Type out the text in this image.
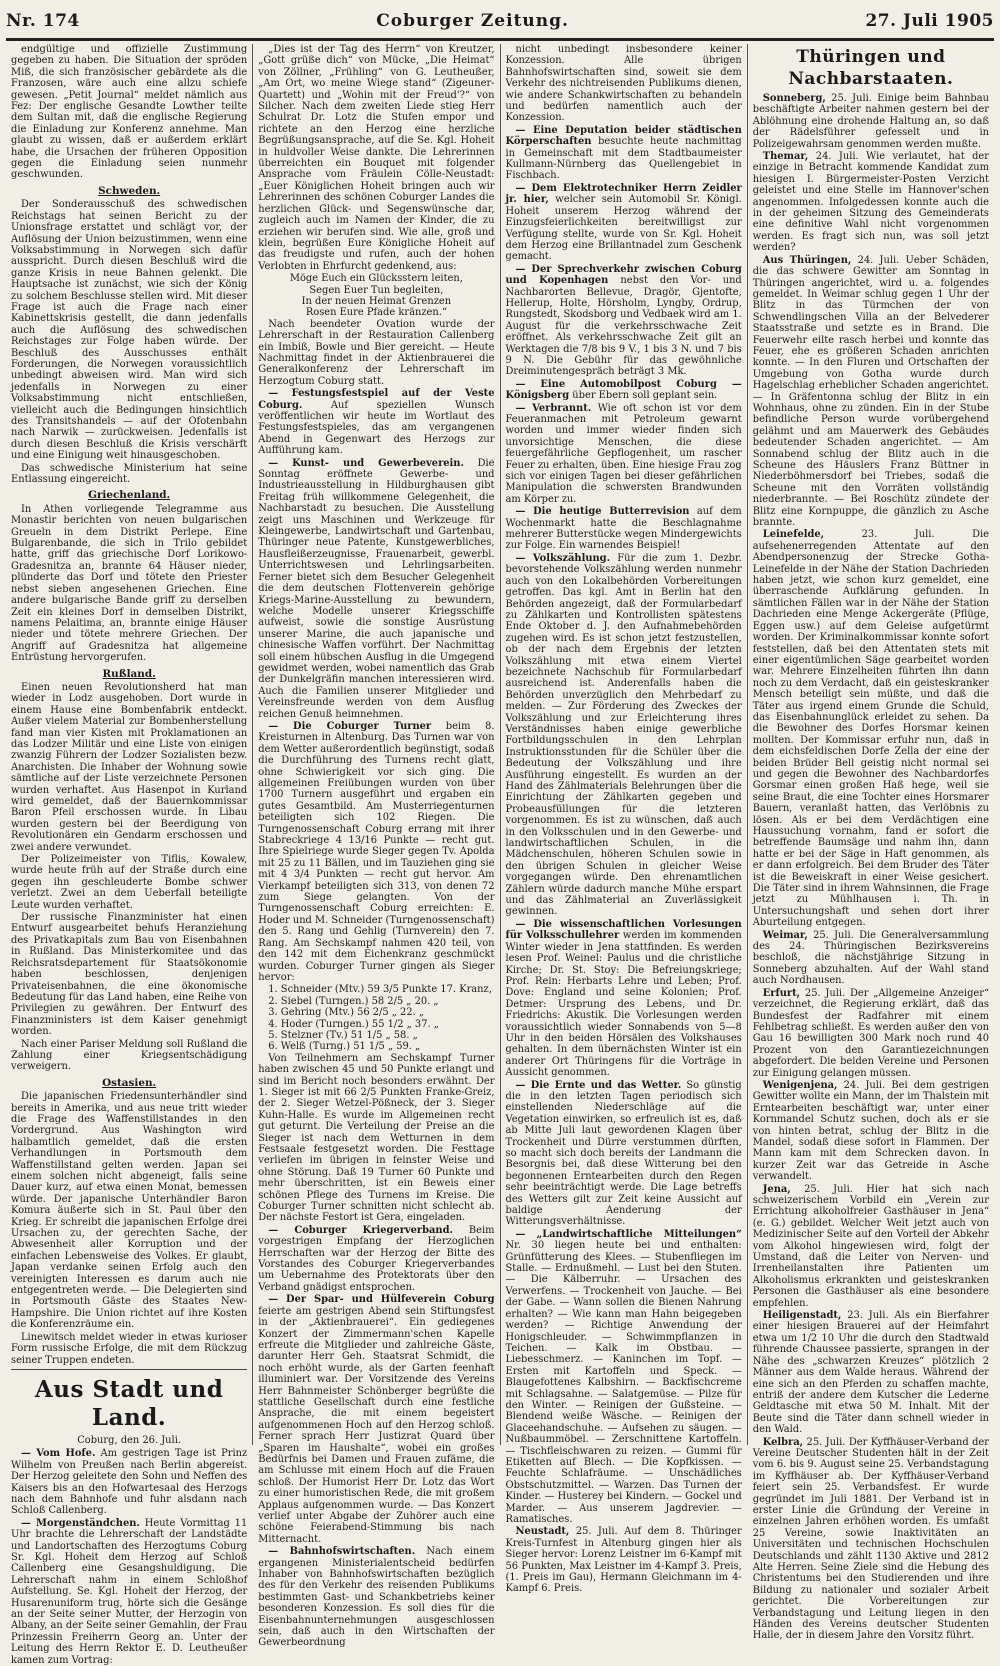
Nr. 174	Coburger Zeitung.	27. Juli 1905

endgültige und offizielle Zustimmung gegeben zu haben. Die Situation der spröden Miß, die sich französischer gebärdete als die Franzosen, wäre auch eine allzu schiefe gewesen. „Petit Journal“ meldet nämlich aus Fez: Der englische Gesandte Lowther teilte dem Sultan mit, daß die englische Regierung die Einladung zur Konferenz annehme. Man glaubt zu wissen, daß er außerdem erklärt habe, die Ursachen der früheren Opposition gegen die Einladung seien nunmehr geschwunden.

Schweden.

Der Sonderausschuß des schwedischen Reichstags hat seinen Bericht zu der Unionsfrage erstattet und schlägt vor, der Auflösung der Union beizustimmen, wenn eine Volksabstimmung in Norwegen sich dafür ausspricht. Durch diesen Beschluß wird die ganze Krisis in neue Bahnen gelenkt. Die Hauptsache ist zunächst, wie sich der König zu solchem Beschlusse stellen wird. Mit dieser Frage ist auch die Frage nach einer Kabinettskrisis gestellt, die dann jedenfalls auch die Auflösung des schwedischen Reichstages zur Folge haben würde. Der Beschluß des Ausschusses enthält Forderungen, die Norwegen voraussichtlich unbedingt abweisen wird. Man wird sich jedenfalls in Norwegen zu einer Volksabstimmung nicht entschließen, vielleicht auch die Bedingungen hinsichtlich des Transitshandels — auf der Ofotenbahn nach Narwik — zurückweisen. Jedenfalls ist durch diesen Beschluß die Krisis verschärft und eine Einigung weit hinausgeschoben.

Das schwedische Ministerium hat seine Entlassung eingereicht.

Griechenland.

In Athen vorliegende Telegramme aus Monastir berichten von neuen bulgarischen Greueln in dem Distrikt Perlepe. Eine Bulgarenbande, die sich in Trilo gebildet hatte, griff das griechische Dorf Lorikowo-Gradesnitza an, brannte 64 Häuser nieder, plünderte das Dorf und tötete den Priester nebst sieben angesehenen Griechen. Eine andere bulgarische Bande griff zu derselben Zeit ein kleines Dorf in demselben Distrikt, namens Pelaitima, an, brannte einige Häuser nieder und tötete mehrere Griechen. Der Angriff auf Gradesnitza hat allgemeine Entrüstung hervorgerufen.

Rußland.

Einen neuen Revolutionsherd hat man wieder in Lodz ausgehoben. Dort wurde in einem Hause eine Bombenfabrik entdeckt. Außer vielem Material zur Bombenherstellung fand man vier Kisten mit Proklamationen an das Lodzer Militär und eine Liste von einigen zwanzig Führern der Lodzer Sozialisten bezw. Anarchisten. Die Inhaber der Wohnung sowie sämtliche auf der Liste verzeichnete Personen wurden verhaftet. Aus Hasenpot in Kurland wird gemeldet, daß der Bauernkommissar Baron Pfeil erschossen wurde. In Libau wurden gestern bei der Beerdigung von Revolutionären ein Gendarm erschossen und zwei andere verwundet.

Der Polizeimeister von Tiflis, Kowalew, wurde heute früh auf der Straße durch eine gegen ihn geschleuderte Bombe schwer verletzt. Zwei an dem Ueberfall beteiligte Leute wurden verhaftet.

Der russische Finanzminister hat einen Entwurf ausgearbeitet behufs Heranziehung des Privatkapitals zum Bau von Eisenbahnen in Rußland. Das Ministerkomitee und das Reichsratsdepartement für Staatsökonomie haben beschlossen, denjenigen Privateisenbahnen, die eine ökonomische Bedeutung für das Land haben, eine Reihe von Privilegien zu gewähren. Der Entwurf des Finanzministers ist dem Kaiser genehmigt worden.

Nach einer Pariser Meldung soll Rußland die Zahlung einer Kriegsentschädigung verweigern.

Ostasien.

Die japanischen Friedensunterhändler sind bereits in Amerika, und aus neue tritt wieder die Frage des Waffenstillstandes in den Vordergrund. Aus Washington wird halbamtlich gemeldet, daß die ersten Verhandlungen in Portsmouth dem Waffenstillstand gelten werden. Japan sei einem solchen nicht abgeneigt, falls seine Dauer kurz, auf etwa einen Monat, bemessen würde. Der japanische Unterhändler Baron Komura äußerte sich in St. Paul über den Krieg. Er schreibt die japanischen Erfolge drei Ursachen zu, der gerechten Sache, der Abwesenheit aller Korruption und der einfachen Lebensweise des Volkes. Er glaubt, Japan verdanke seinen Erfolg auch den vereinigten Interessen es darum auch nie entgegentreten werde. — Die Delegierten sind in Portsmouth Gäste des Staates New-Hampshire. Die Union richtet auf ihre Kosten die Konferenzräume ein.

Linewitsch meldet wieder in etwas kurioser Form russische Erfolge, die mit dem Rückzug seiner Truppen endeten.

Aus Stadt und Land.
Coburg, den 26. Juli.

— Vom Hofe. Am gestrigen Tage ist Prinz Wilhelm von Preußen nach Berlin abgereist. Der Herzog geleitete den Sohn und Neffen des Kaisers bis an den Hofwartesaal des Herzogs nach dem Bahnhofe und fuhr alsdann nach Schloß Callenberg.

— Morgenständchen. Heute Vormittag 11 Uhr brachte die Lehrerschaft der Landstädte und Landortschaften des Herzogtums Coburg Sr. Kgl. Hoheit dem Herzog auf Schloß Callenberg eine Gesangshuldigung. Die Lehrerschaft nahm in einem Schloßhof Aufstellung. Se. Kgl. Hoheit der Herzog, der Husarenuniform trug, hörte sich die Gesänge an der Seite seiner Mutter, der Herzogin von Albany, an der Seite seiner Gemahlin, der Frau Prinzessin Freiherrn Georg an. Unter der Leitung des Herrn Rektor E. D. Leutheußer kamen zum Vortrag:

„Dies ist der Tag des Herrn“ von Kreutzer, „Gott grüße dich“ von Mücke, „Die Heimat“ von Zöllner, „Frühling“ von G. Leutheußer, „Am Ort, wo meine Wiege stand“ (Zigeuner-Quartett) und „Wohin mit der Freud'?“ von Silcher. Nach dem zweiten Liede stieg Herr Schulrat Dr. Lotz die Stufen empor und richtete an den Herzog eine herzliche Begrüßungsansprache, auf die Se. Kgl. Hoheit in huldvoller Weise dankte. Die Lehrerinnen überreichten ein Bouquet mit folgender Ansprache vom Fräulein Cölle-Neustadt: „Euer Königlichen Hoheit bringen auch wir Lehrerinnen des schönen Coburger Landes die herzlichen Glück- und Segenswünsche dar, zugleich auch im Namen der Kinder, die zu erziehen wir berufen sind. Wie alle, groß und klein, begrüßen Eure Königliche Hoheit auf das freudigste und rufen, auch der hohen Verlobten in Ehrfurcht gedenkend, aus:

Möge Euch ein Glücksstern leiten,
Segen Euer Tun begleiten,
In der neuen Heimat Grenzen
Rosen Eure Pfade kränzen.“

Nach beendeter Ovation wurde der Lehrerschaft in der Restauration Callenberg ein Imbiß, Bowle und Bier gereicht. — Heute Nachmittag findet in der Aktienbrauerei die Generalkonferenz der Lehrerschaft im Herzogtum Coburg statt.

— Festungsfestspiel auf der Veste Coburg.	Auf speziellen Wunsch veröffentlichen wir heute im Wortlaut des Festungsfestspieles, das am vergangenen Abend in Gegenwart des Herzogs zur Aufführung kam.

— Kunst- und Gewerbeverein. Die Sonntag eröffnete Gewerbe- und Industrieausstellung in Hildburghausen gibt Freitag früh willkommene Gelegenheit, die Nachbarstadt zu besuchen. Die Ausstellung zeigt uns Maschinen und Werkzeuge für Kleingewerbe, Landwirtschaft und Gartenbau, Thüringer neue Patente, Kunstgewerbliches, Hausfleißerzeugnisse, Frauenarbeit, gewerbl. Unterrichtswesen und Lehrlingsarbeiten. Ferner bietet sich dem Besucher Gelegenheit die dem deutschen Flottenverein gehörige Kriegs-Marine-Ausstellung zu bewundern, welche Modelle unserer Kriegsschiffe aufweist, sowie die sonstige Ausrüstung unserer Marine, die auch japanische und chinesische Waffen vorführt. Der Nachmittag soll einem hübschen Ausflug in die Umgegend gewidmet werden, wobei namentlich das Grab der Dunkelgräfin manchen interessieren wird. Auch die Familien unserer Mitglieder und Vereinsfreunde werden von dem Ausflug reichen Genuß heimnehmen.

— Die Coburger Turner beim 8. Kreisturnen in Altenburg. Das Turnen war von dem Wetter außerordentlich begünstigt, sodaß die Durchführung des Turnens recht glatt, ohne Schwierigkeit vor sich ging. Die allgemeinen Freiübungen wurden von über 1700 Turnern ausgeführt und ergaben ein gutes Gesamtbild. Am Musterriegenturnen beteiligten sich 102 Riegen. Die Turngenossenschaft Coburg errang mit ihrer Stabreckriege 4 13/16 Punkte — recht gut. Ihre Spielriege wurde Sieger gegen Tv. Apolda mit 25 zu 11 Bällen, und im Tauziehen ging sie mit 4 3/4 Punkten — recht gut hervor. Am Vierkampf beteiligten sich 313, von denen 72 zum Siege gelangten. Von der Turngenossenschaft Coburg erreichten: E. Hoder und M. Schneider (Turngenossenschaft) den 5. Rang und Gehlig (Turnverein) den 7. Rang. Am Sechskampf nahmen 420 teil, von den 142 mit dem Eichenkranz geschmückt wurden. Coburger Turner gingen als Sieger hervor:

1. Schneider (Mtv.) 59 3/5 Punkte 17. Kranz,
2. Siebel (Turngen.) 58 2/5 „ 20. „
3. Gehring (Mtv.) 56 2/5 „ 22. „
4. Hoder (Turngen.) 55 1/2 „ 37. „
5. Stelzner (Tv.) 51 1/5 „ 58. „
6. Welß (Turng.) 51 1/5 „ 59. „

Von Teilnehmern am Sechskampf Turner haben zwischen 45 und 50 Punkte erlangt und sind im Bericht noch besonders erwähnt. Der 1. Sieger ist mit 66 2/5 Punkten Franke-Greiz, der 2. Sieger Wetzel-Pößneck, der 3. Sieger Kuhn-Halle. Es wurde im Allgemeinen recht gut geturnt. Die Verteilung der Preise an die Sieger ist nach dem Wetturnen in dem Festsaale festgesetzt worden. Die Festtage verliefen im übrigen in feinster Weise und ohne Störung. Daß 19 Turner 60 Punkte und mehr überschritten, ist ein Beweis einer schönen Pflege des Turnens im Kreise. Die Coburger Turner schnitten nicht schlecht ab. Der nächste Festort ist Gera, eingeladen.

— Coburger Kriegerverband. Beim vorgestrigen Empfang der Herzoglichen Herrschaften war der Herzog der Bitte des Vorstandes des Coburger Kriegerverbandes um Uebernahme des Protektorats über den Verband gnädigst entsprochen.

— Der Spar- und Hülfeverein Coburg feierte am gestrigen Abend sein Stiftungsfest in der „Aktienbrauerei“. Ein gediegenes Konzert der Zimmermann'schen Kapelle erfreute die Mitglieder und zahlreiche Gäste, darunter Herr Geh. Staatsrat Schmidt, die noch erhöht wurde, als der Garten feenhaft illuminiert war. Der Vorsitzende des Vereins Herr Bahnmeister Schönberger begrüßte die stattliche Gesellschaft durch eine festliche Ansprache, die mit einem begeistert aufgenommenen Hoch auf den Herzog schloß. Ferner sprach Herr Justizrat Quard über „Sparen im Haushalte“, wobei ein großes Bedürfnis bei Damen und Frauen zufäme, die am Schlusse mit einem Hoch auf die Frauen schloß. Der Humorist Herr Dr. Lotz das Wort zu einer humoristischen Rede, die mit großem Applaus aufgenommen wurde. — Das Konzert verlief unter Abgabe der Zuhörer auch eine schöne Feierabend-Stimmung bis nach Mitternacht.

— Bahnhofswirtschaften. Nach einem ergangenen Ministerialentscheid bedürfen Inhaber von Bahnhofswirtschaften bezüglich des für den Verkehr des reisenden Publikums bestimmten Gast- und Schankbetriebs keiner besonderen Konzession. Es soll dies für die Eisenbahnunternehmungen ausgeschlossen sein, daß auch in den Wirtschaften der Gewerbeordnung

nicht unbedingt insbesondere keiner Konzession. Alle übrigen Bahnhofswirtschaften sind, soweit sie dem Verkehr des nichtreisenden Publikums dienen, wie andere Schankwirtschaften zu behandeln und bedürfen namentlich auch der Konzession.

— Eine Deputation beider städtischen Körperschaften besuchte heute nachmittag in Gemeinschaft mit dem Stadtbaumeister Kullmann-Nürnberg das Quellengebiet in Fischbach.

— Dem Elektrotechniker Herrn Zeidler jr. hier, welcher sein Automobil Sr. Königl. Hoheit unserem Herzog während der Einzugsfeierlichkeiten bereitwilligst zur Verfügung stellte, wurde von Sr. Kgl. Hoheit dem Herzog eine Brillantnadel zum Geschenk gemacht.

— Der Sprechverkehr zwischen Coburg und Kopenhagen nebst den Vor- und Nachbarorten Bellevue, Dragör, Gjentofte, Hellerup, Holte, Hörsholm, Lyngby, Ordrup, Rungstedt, Skodsborg und Vedbaek wird am 1. August für die verkehrsschwache Zeit eröffnet. Als verkehrsschwache Zeit gilt an Werktagen die 7/8 bis 9 V., 1 bis 3 N. und 7 bis 9 N. Die Gebühr für das gewöhnliche Dreiminutengespräch beträgt 3 Mk.

— Eine Automobilpost Coburg — Königsberg über Ebern soll geplant sein.

— Verbrannt. Wie oft schon ist vor dem Feueranmachen mit Petroleum gewarnt worden und immer wieder finden sich unvorsichtige Menschen, die diese feuergefährliche Gepflogenheit, um rascher Feuer zu erhalten, üben. Eine hiesige Frau zog sich vor einigen Tagen bei dieser gefährlichen Manipulation die schwersten Brandwunden am Körper zu.

— Die heutige Butterrevision auf dem Wochenmarkt hatte die Beschlagnahme mehrerer Butterstücke wegen Mindergewichts zur Folge. Ein warnendes Beispiel!

— Volkszählung. Für die zum 1. Dezbr. bevorstehende Volkszählung werden nunmehr auch von den Lokalbehörden Vorbereitungen getroffen. Das kgl. Amt in Berlin hat den Behörden angezeigt, daß der Formularbedarf zu Zählkarten und Kontrollisten spätestens Ende Oktober d. J. den Aufnahmebehörden zugehen wird. Es ist schon jetzt festzustellen, ob der nach dem Ergebnis der letzten Volkszählung mit etwa einem Viertel bezeichnete Nachschub für Formularbedarf ausreichend ist. Anderenfalls haben die Behörden unverzüglich den Mehrbedarf zu melden. — Zur Förderung des Zweckes der Volkszählung und zur Erleichterung ihres Verständnisses haben einige gewerbliche Fortbildungsschulen in den Lehrplan Instruktionsstunden für die Schüler über die Bedeutung der Volkszählung und ihre Ausführung eingestellt. Es wurden an der Hand des Zählmaterials Belehrungen über die Einrichtung der Zählkarten gegeben und Probeausfüllungen für die letzteren vorgenommen. Es ist zu wünschen, daß auch in den Volksschulen und in den Gewerbe- und landwirtschaftlichen Schulen, in die Mädchenschulen, höheren Schulen sowie in den übrigen Schulen in gleicher Weise vorgegangen würde. Den ehrenamtlichen Zählern würde dadurch manche Mühe erspart und das Zählmaterial an Zuverlässigkeit gewinnen.

— Die wissenschaftlichen Vorlesungen für Volksschullehrer werden im kommenden Winter wieder in Jena stattfinden. Es werden lesen Prof. Weinel: Paulus und die christliche Kirche; Dr. St. Stoy: Die Befreiungskriege; Prof. Rein: Herbarts Lehre und Leben; Prof. Dove: England und seine Kolonien; Prof. Detmer: Ursprung des Lebens, und Dr. Friedrichs: Akustik. Die Vorlesungen werden voraussichtlich wieder Sonnabends von 5—8 Uhr in den beiden Hörsälen des Volkshauses gehalten. In dem übernächsten Winter ist ein anderer Ort Thüringens für die Vorträge in Aussicht genommen.

— Die Ernte und das Wetter. So günstig die in den letzten Tagen periodisch sich einstellenden Niederschläge auf die Vegetation einwirken, so erfreulich ist es, daß ab Mitte Juli laut gewordenen Klagen über Trockenheit und Dürre verstummen dürften, so macht sich doch bereits der Landmann die Besorgnis bei, daß diese Witterung bei den begonnenen Erntearbeiten durch den Regen sehr beeinträchtigt werde. Die Lage betreffs des Wetters gilt zur Zeit keine Aussicht auf baldige Aenderung der Witterungsverhältnisse.

— „Landwirtschaftliche Mitteilungen“ Nr. 30 liegen heute bei und enthalten: Grünfütterung des Klees. — Stubenfliegen im Stalle. — Erdnußmehl. — Lust bei den Stuten. — Die Kälberruhr. — Ursachen des Verwerfens. — Trockenheit von Jauche. — Bei der Gabe. — Wann sollen die Bienen Nahrung erhalten? — Wie kann man Hahn beigegeben werden? — Richtige Anwendung der Honigschleuder. — Schwimmpflanzen in Teichen. — Kalk im Obstbau. — Liebesschmerz. — Kaninchen im Topf. — Ersten mit Kartoffeln und Speck. — Blaugefottenes Kalbshirn. — Backfischcreme mit Schlagsahne. — Salatgemüse. — Pilze für den Winter. — Reinigen der Gußsteine. — Blendend weiße Wäsche. — Reinigen der Glaceehandschuhe. — Aufsehen zu säugen. — Nußbaummöbel. — Zerschnittene Kartoffeln. — Tischfleischwaren zu reizen. — Gummi für Etiketten auf Blech. — Die Kopfkissen. — Feuchte Schlafräume. — Unschädliches Obstschutzmittel. — Warzen. Das Turnen der Kinder. — Husterey bei Kindern. — Gockel und Marder. — Aus unserem Jagdrevier. — Ramatisches.

Neustadt, 25. Juli. Auf dem 8. Thüringer Kreis-Turnfest in Altenburg gingen hier als Sieger hervor: Lorenz Leistner im 6-Kampf mit 56 Punkten, Max Leistner im 4-Kampf 3. Preis, (1. Preis im Gau), Hermann Gleichmann im 4-Kampf 6. Preis.

Thüringen und Nachbarstaaten.

Sonneberg, 25. Juli. Einige beim Bahnbau beschäftigte Arbeiter nahmen gestern bei der Ablöhnung eine drohende Haltung an, so daß der Rädelsführer gefesselt und in Polizeigewahrsam genommen werden mußte.

Themar, 24. Juli. Wie verlautet, hat der einzige in Betracht kommende Kandidat zum hiesigen I. Bürgermeister-Posten Verzicht geleistet und eine Stelle im Hannover'schen angenommen. Infolgedessen konnte auch die in der geheimen Sitzung des Gemeinderats eine definitive Wahl nicht vorgenommen werden. Es fragt sich nun, was soll jetzt werden?

Aus Thüringen, 24. Juli. Ueber Schäden, die das schwere Gewitter am Sonntag in Thüringen angerichtet, wird u. a. folgendes gemeldet. In Weimar schlug gegen 1 Uhr der Blitz in das Türmchen der von Schwendlingschen Villa an der Belvederer Staatsstraße und setzte es in Brand. Die Feuerwehr eilte rasch herbei und konnte das Feuer, ehe es größeren Schaden anrichten konnte. — In den Fluren und Ortschaften der Umgebung von Gotha wurde durch Hagelschlag erheblicher Schaden angerichtet. — In Gräfentonna schlug der Blitz in ein Wohnhaus, ohne zu zünden. Ein in der Stube befindliche Person wurde vorübergehend gelähmt und am Mauerwerk des Gebäudes bedeutender Schaden angerichtet. — Am Sonnabend schlug der Blitz auch in die Scheune des Häuslers Franz Büttner in Niederböhmersdorf bei Triebes, sodaß die Scheune mit den Vorräten vollständig niederbrannte. — Bei Roschütz zündete der Blitz eine Kornpuppe, die gänzlich zu Asche brannte.

Leinefelde,	23. Juli. Die aufsehenerregenden Attentate auf den Abendpersonenzug der Strecke Gotha-Leinefelde in der Nähe der Station Dachrieden haben jetzt, wie schon kurz gemeldet, eine überraschende Aufklärung gefunden. In sämtlichen Fällen war in der Nähe der Station Dachrieden eine Menge Ackergeräte (Pflüge, Eggen usw.) auf dem Geleise aufgetürmt worden. Der Kriminalkommissar konnte sofort feststellen, daß bei den Attentaten stets mit einer eigentümlichen Säge gearbeitet worden war. Mehrere Einzelheiten führten ihn dann noch zu dem Verdacht, daß ein geisteskranker Mensch beteiligt sein müßte, und daß die Täter aus irgend einem Grunde die Schuld, das Eisenbahnunglück erleidet zu sehen. Da die Bewohner des Dorfes Horsmar keinen mollten. Der Kommissar erfuhr nun, daß in dem eichsfeldischen Dorfe Zella der eine der beiden Brüder Bell geistig nicht normal sei und gegen die Bewohner des Nachbardorfes Gorsmar einen großen Haß hege, weil sie seine Braut, die eine Tochter eines Horsmarer Bauern, veranlaßt hatten, das Verlöbnis zu lösen. Als er bei dem Verdächtigen eine Haussuchung vornahm, fand er sofort die betreffende Baumsäge und nahm ihn, dann hatte er bei der Säge in Haft genommen, als er dann erfolgreich. Bei dem Bruder des Täter ist die Beweiskraft in einer Weise gesichert. Die Täter sind in ihrem Wahnsinnen, die Frage jetzt zu Mühlhausen i. Th. in Untersuchungshaft und sehen dort ihrer Aburteilung entgegen.

Weimar, 25. Juli. Die Generalversammlung des 24. Thüringischen Bezirksvereins beschloß, die nächstjährige Sitzung in Sonneberg abzuhalten. Auf der Wahl stand auch Nordhausen.

Erfurt, 25. Juli. Der „Allgemeine Anzeiger“ verzeichnet, die Regierung erklärt, daß das Bundesfest der Radfahrer mit einem Fehlbetrag schließt. Es werden außer den von Gau 16 bewilligten 300 Mark noch rund 40 Prozent von den Garantiezeichnungen abgefordert. Die beiden Vereine und Personen zur Einigung gelangen müssen.

Wenigenjena, 24. Juli. Bei dem gestrigen Gewitter wollte ein Mann, der im Thalstein mit Erntearbeiten beschäftigt war, unter einer Kornmandel Schutz suchen, doch als er sie von hinten betrat, schlug der Blitz in die Mandel, sodaß diese sofort in Flammen. Der Mann kam mit dem Schrecken davon. In kurzer Zeit war das Getreide in Asche verwandelt.

Jena, 25. Juli. Hier hat sich nach schweizerischem Vorbild ein „Verein zur Errichtung alkoholfreier Gasthäuser in Jena“ (e. G.) gebildet. Welcher Weit jetzt auch von Medizinischer Seite auf den Vorteil der Abkehr vom Alkohol hingewiesen wird, folgt der Umstand, daß die Leiter von Nerven- und Irrenheilanstalten ihre Patienten um Alkoholismus erkrankten und geisteskranken Personen die Gasthäuser als eine besondere empfehlen.

Heiligenstadt, 23. Juli. Als ein Bierfahrer einer hiesigen Brauerei auf der Heimfahrt etwa um 1/2 10 Uhr die durch den Stadtwald führende Chaussee passierte, sprangen in der Nähe des „schwarzen Kreuzes“ plötzlich 2 Männer aus dem Walde heraus. Während der eine sich an den Pferden zu schaffen machte, entriß der andere dem Kutscher die Lederne Geldtasche mit etwa 50 M. Inhalt. Mit der Beute sind die Täter dann schnell wieder in den Wald.

Kelbra, 25. Juli. Der Kyffhäuser-Verband der Vereine Deutscher Studenten hält in der Zeit vom 6. bis 9. August seine 25. Verbandstagung im Kyffhäuser ab. Der Kyffhäuser-Verband feiert sein 25. Verbandsfest. Er wurde gegründet im Juli 1881. Der Verband ist in erster Linie die Gründung der Vereine in einzelnen Jahren erhöhen worden. Es umfaßt 25 Vereine, sowie Inaktivitäten an Universitäten und technischen Hochschulen Deutschlands und zählt 1130 Aktive und 2812 Alte Herren. Seine Ziele sind die Hebung des Christentums bei den Studierenden und ihre Bildung zu nationaler und sozialer Arbeit gerichtet. Die Vorbereitungen zur Verbandstagung und Leitung liegen in den Händen des Vereins deutscher Studenten Halle, der in diesem Jahre den Vorsitz führt.
